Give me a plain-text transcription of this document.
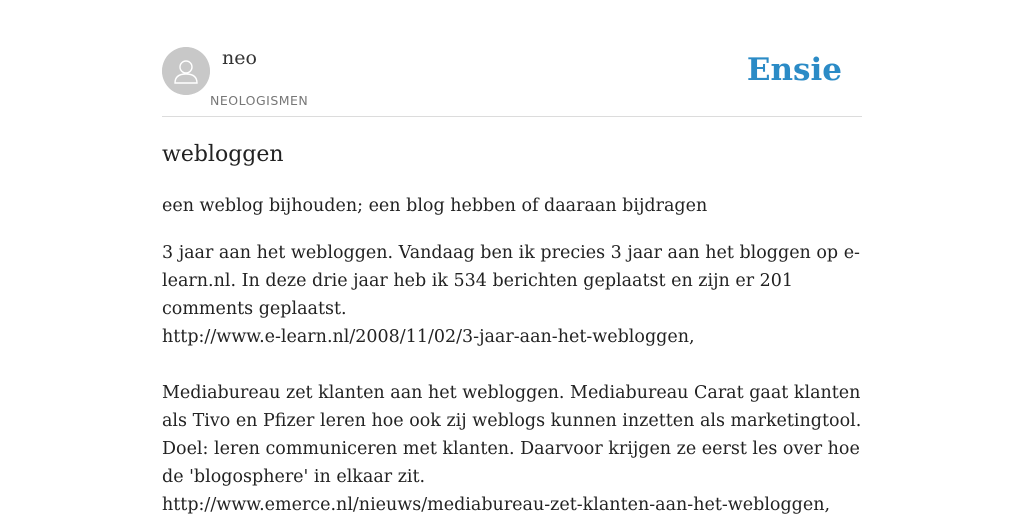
neo
NEOLOGISMEN
Ensie
webloggen

een weblog bijhouden; een blog hebben of daaraan bijdragen

3 jaar aan het webloggen. Vandaag ben ik precies 3 jaar aan het bloggen op e-learn.nl. In deze drie jaar heb ik 534 berichten geplaatst en zijn er 201 comments geplaatst.

http://www.e-learn.nl/2008/11/02/3-jaar-aan-het-webloggen,

Mediabureau zet klanten aan het webloggen. Mediabureau Carat gaat klanten als Tivo en Pfizer leren hoe ook zij weblogs kunnen inzetten als marketingtool. Doel: leren communiceren met klanten. Daarvoor krijgen ze eerst les over hoe de 'blogosphere' in elkaar zit.

http://www.emerce.nl/nieuws/mediabureau-zet-klanten-aan-het-webloggen,
